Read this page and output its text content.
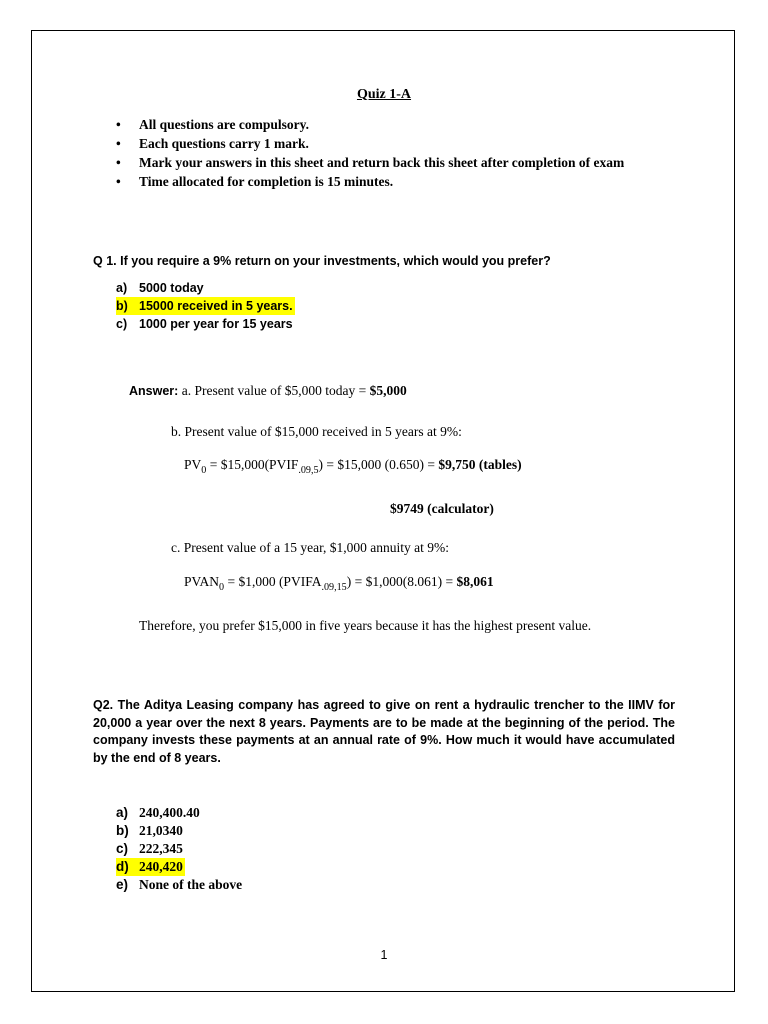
Quiz 1-A
• All questions are compulsory.
• Each questions carry 1 mark.
• Mark your answers in this sheet and return back this sheet after completion of exam
• Time allocated for completion is 15 minutes.
Q 1. If you require a 9% return on your investments, which would you prefer?
a) 5000 today
b) 15000 received in 5 years.
c) 1000 per year for 15 years
Answer: a. Present value of $5,000 today = $5,000
b. Present value of $15,000 received in 5 years at 9%:
$PV_0$ = $\$15,000(PVIF_{.09,5})$ = $15,000 (0.650) = $9,750 (tables)
$9749 (calculator)
c. Present value of a 15 year, $1,000 annuity at 9%:
$PVAN_0$ = $1,000 $(PVIFA_{.09,15})$ = $1,000(8.061) = $8,061
Therefore, you prefer $15,000 in five years because it has the highest present value.
Q2. The Aditya Leasing company has agreed to give on rent a hydraulic trencher to the IIMV for 20,000 a year over the next 8 years. Payments are to be made at the beginning of the period. The company invests these payments at an annual rate of 9%. How much it would have accumulated by the end of 8 years.
a) 240,400.40
b) 21,0340
c) 222,345
d) 240,420
e) None of the above
1
